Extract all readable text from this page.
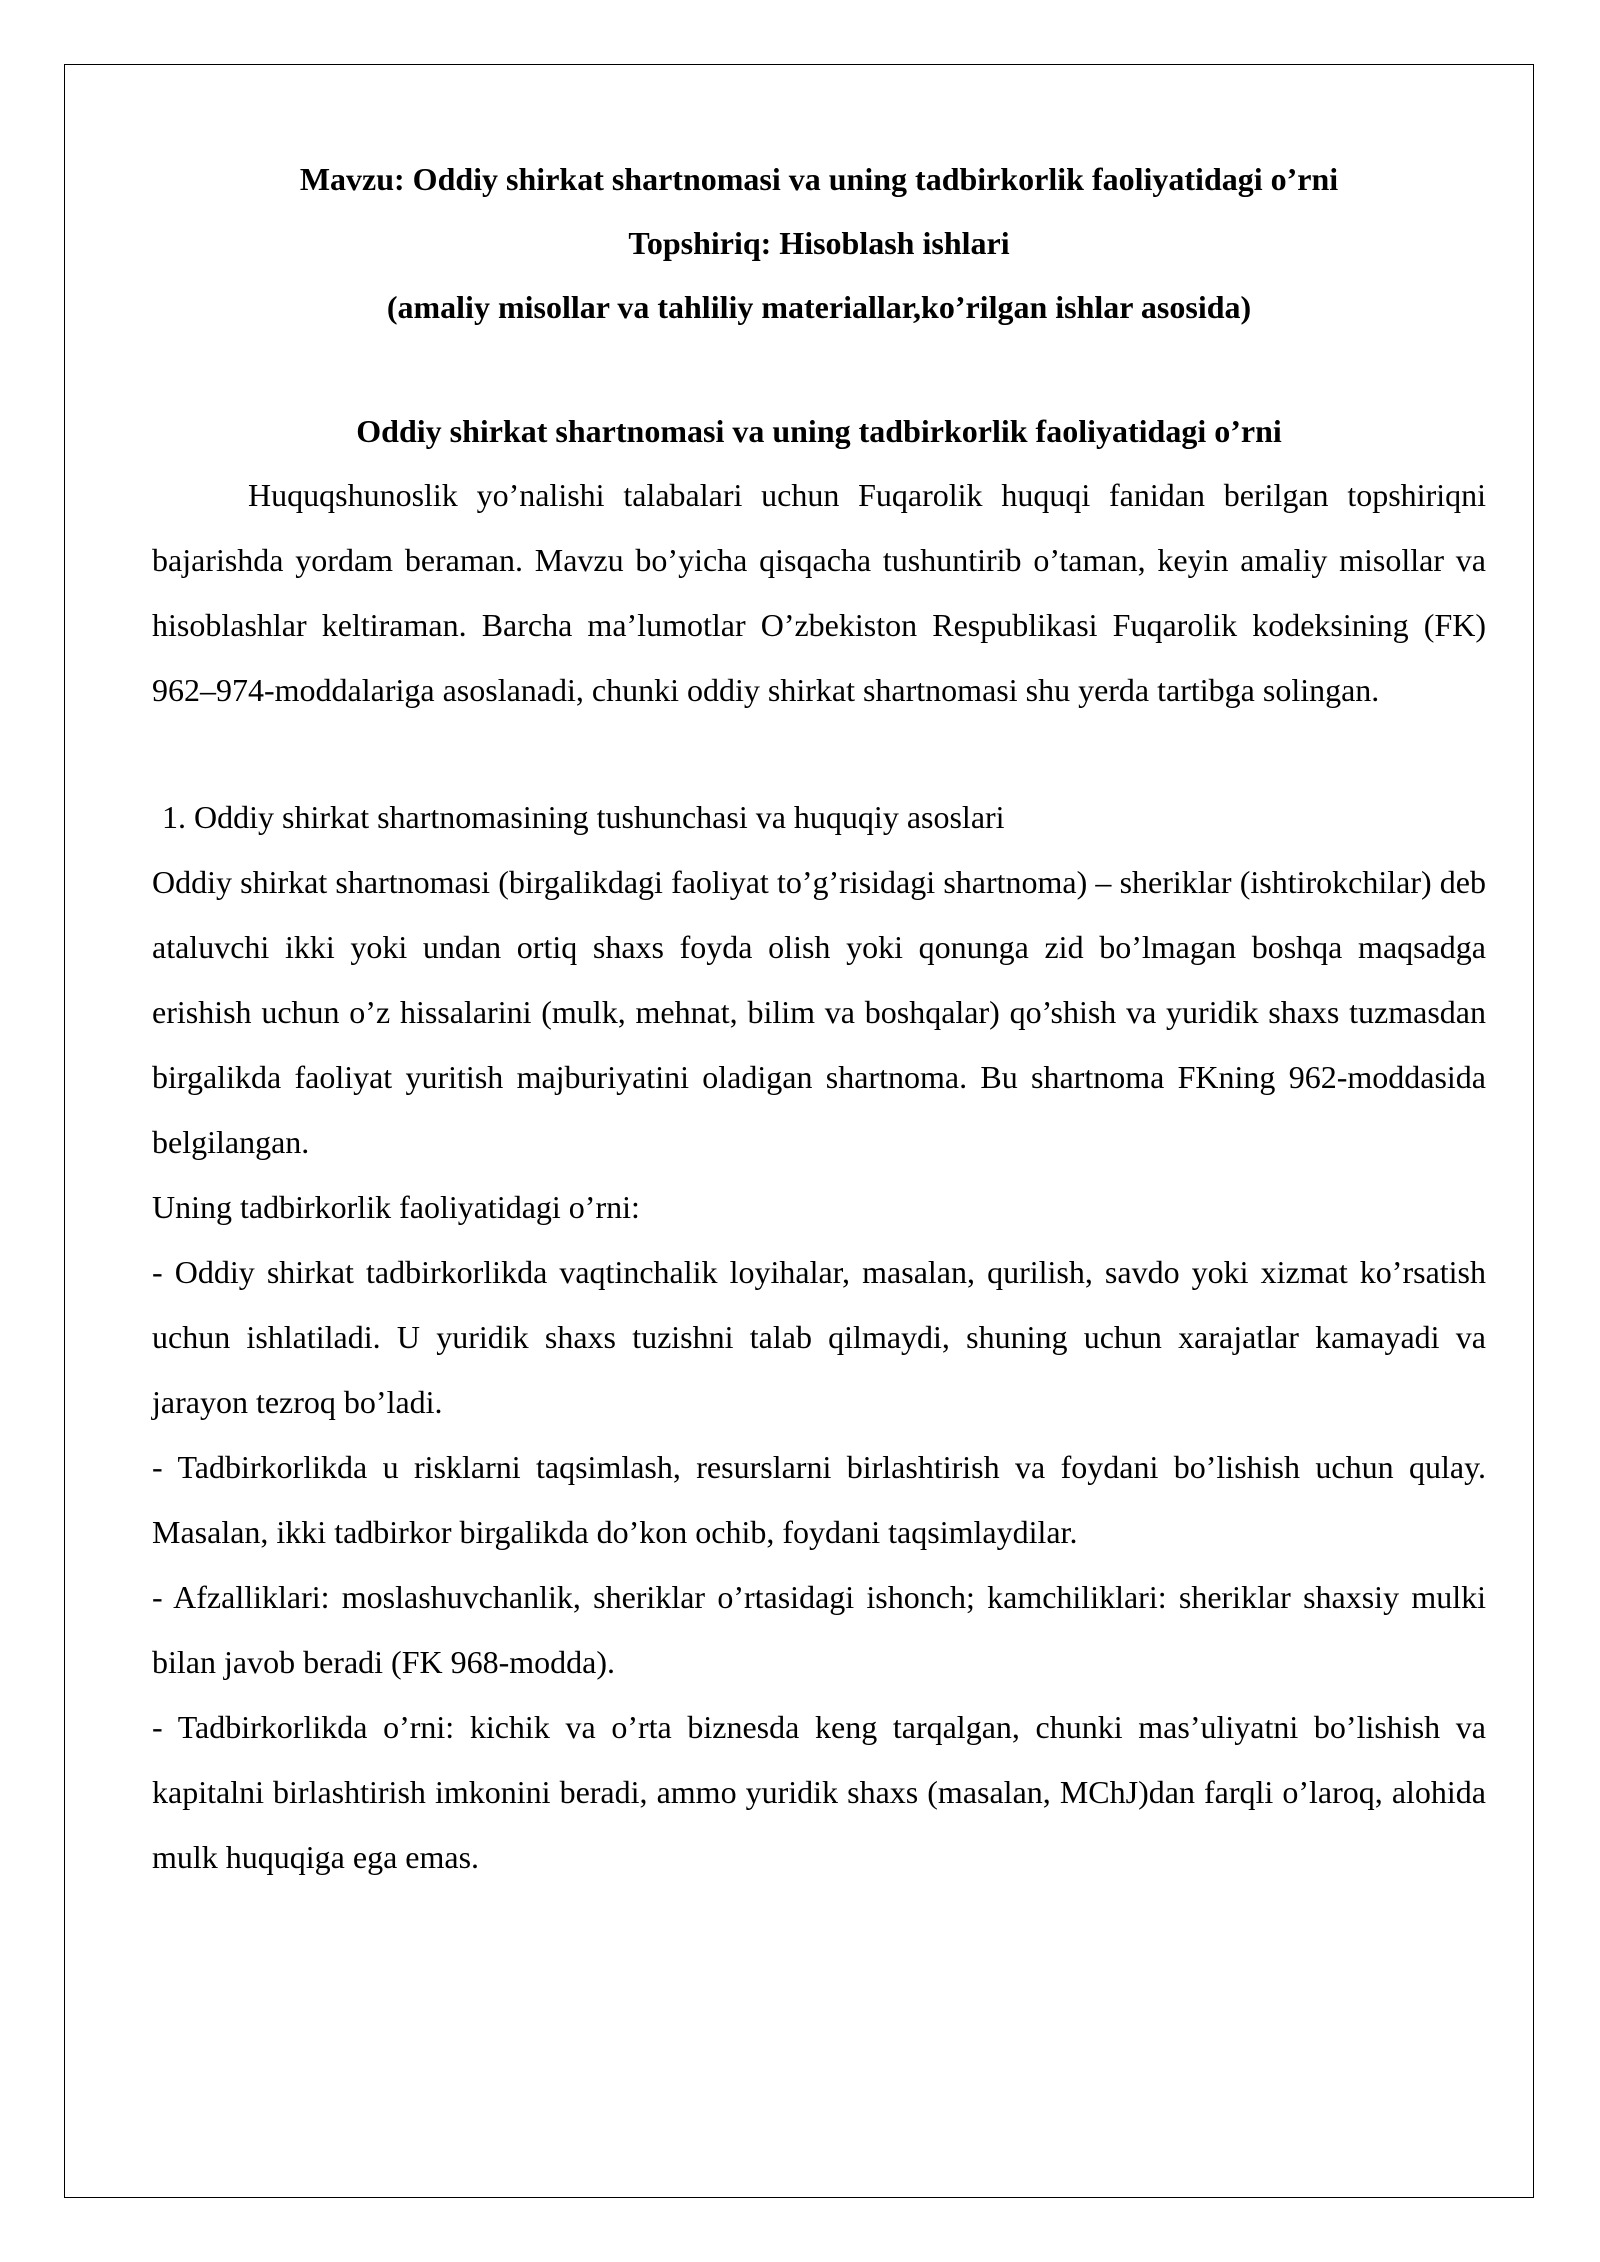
Mavzu: Oddiy shirkat shartnomasi va uning tadbirkorlik faoliyatidagi o’rni

Topshiriq: Hisoblash ishlari

(amaliy misollar va tahliliy materiallar,ko’rilgan ishlar asosida)

Oddiy shirkat shartnomasi va uning tadbirkorlik faoliyatidagi o’rni

Huquqshunoslik yo’nalishi talabalari uchun Fuqarolik huquqi fanidan berilgan topshiriqni bajarishda yordam beraman. Mavzu bo’yicha qisqacha tushuntirib o’taman, keyin amaliy misollar va hisoblashlar keltiraman. Barcha ma’lumotlar O’zbekiston Respublikasi Fuqarolik kodeksining (FK) 962–974-moddalariga asoslanadi, chunki oddiy shirkat shartnomasi shu yerda tartibga solingan.

1. Oddiy shirkat shartnomasining tushunchasi va huquqiy asoslari

Oddiy shirkat shartnomasi (birgalikdagi faoliyat to’g’risidagi shartnoma) – sheriklar (ishtirokchilar) deb ataluvchi ikki yoki undan ortiq shaxs foyda olish yoki qonunga zid bo’lmagan boshqa maqsadga erishish uchun o’z hissalarini (mulk, mehnat, bilim va boshqalar) qo’shish va yuridik shaxs tuzmasdan birgalikda faoliyat yuritish majburiyatini oladigan shartnoma. Bu shartnoma FKning 962-moddasida belgilangan.

Uning tadbirkorlik faoliyatidagi o’rni:

- Oddiy shirkat tadbirkorlikda vaqtinchalik loyihalar, masalan, qurilish, savdo yoki xizmat ko’rsatish uchun ishlatiladi. U yuridik shaxs tuzishni talab qilmaydi, shuning uchun xarajatlar kamayadi va jarayon tezroq bo’ladi.

- Tadbirkorlikda u risklarni taqsimlash, resurslarni birlashtirish va foydani bo’lishish uchun qulay. Masalan, ikki tadbirkor birgalikda do’kon ochib, foydani taqsimlaydilar.

- Afzalliklari: moslashuvchanlik, sheriklar o’rtasidagi ishonch; kamchiliklari: sheriklar shaxsiy mulki bilan javob beradi (FK 968-modda).

- Tadbirkorlikda o’rni: kichik va o’rta biznesda keng tarqalgan, chunki mas’uliyatni bo’lishish va kapitalni birlashtirish imkonini beradi, ammo yuridik shaxs (masalan, MChJ)dan farqli o’laroq, alohida mulk huquqiga ega emas.
